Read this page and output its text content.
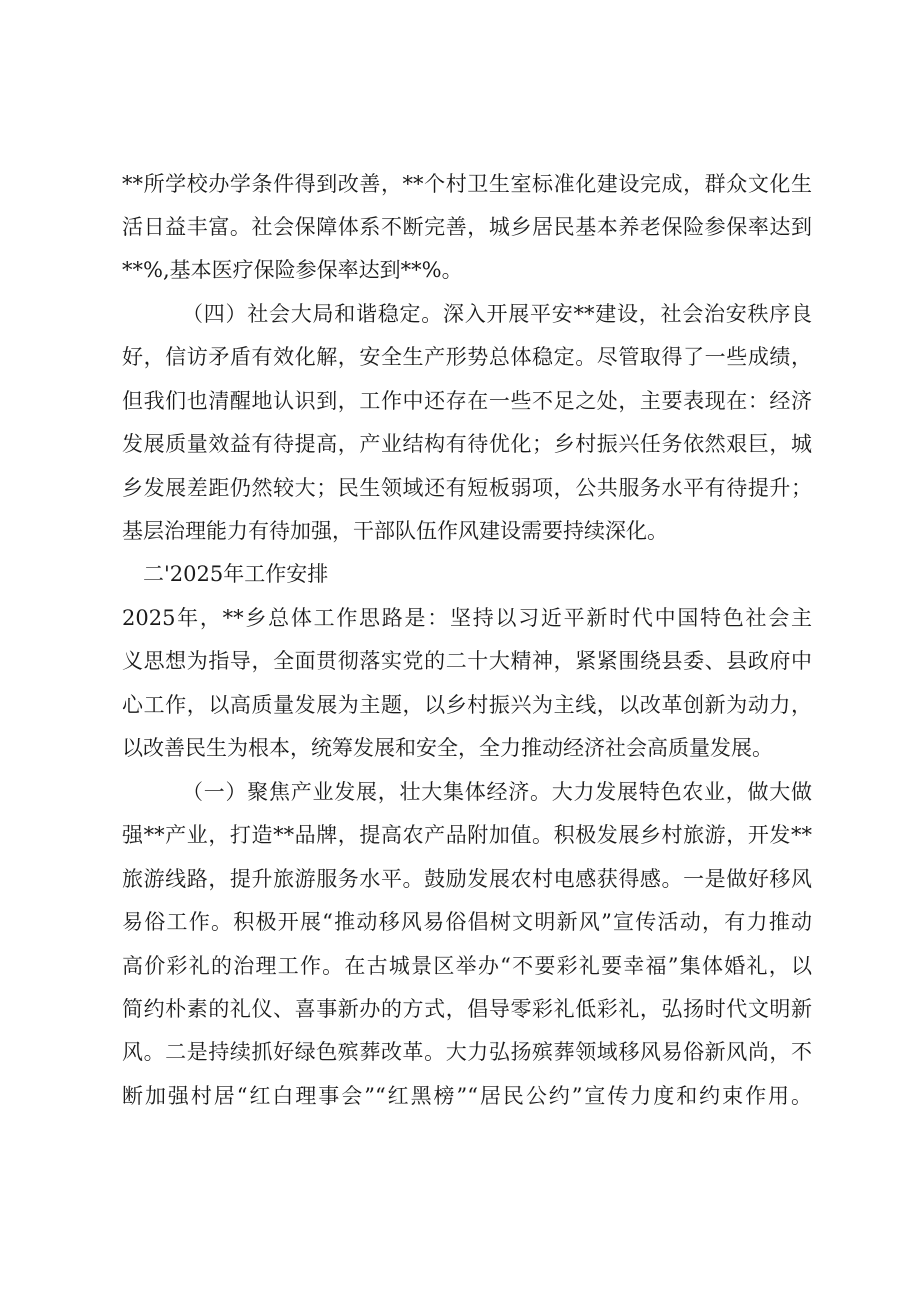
**所学校办学条件得到改善，**个村卫生室标准化建设完成，群众文化生
活日益丰富。社会保障体系不断完善，城乡居民基本养老保险参保率达到
**%,基本医疗保险参保率达到**%。
（四）社会大局和谐稳定。深入开展平安**建设，社会治安秩序良
好，信访矛盾有效化解，安全生产形势总体稳定。尽管取得了一些成绩，
但我们也清醒地认识到，工作中还存在一些不足之处，主要表现在：经济
发展质量效益有待提高，产业结构有待优化；乡村振兴任务依然艰巨，城
乡发展差距仍然较大；民生领域还有短板弱项，公共服务水平有待提升；
基层治理能力有待加强，干部队伍作风建设需要持续深化。
二'2025年工作安排
2025年，**乡总体工作思路是：坚持以习近平新时代中国特色社会主
义思想为指导，全面贯彻落实党的二十大精神，紧紧围绕县委、县政府中
心工作，以高质量发展为主题，以乡村振兴为主线，以改革创新为动力，
以改善民生为根本，统筹发展和安全，全力推动经济社会高质量发展。
（一）聚焦产业发展，壮大集体经济。大力发展特色农业，做大做
强**产业，打造**品牌，提高农产品附加值。积极发展乡村旅游，开发**
旅游线路，提升旅游服务水平。鼓励发展农村电感获得感。一是做好移风
易俗工作。积极开展“推动移风易俗倡树文明新风”宣传活动，有力推动
高价彩礼的治理工作。在古城景区举办“不要彩礼要幸福”集体婚礼，以
简约朴素的礼仪、喜事新办的方式，倡导零彩礼低彩礼，弘扬时代文明新
风。二是持续抓好绿色殡葬改革。大力弘扬殡葬领域移风易俗新风尚，不
断加强村居“红白理事会”“红黑榜”“居民公约”宣传力度和约束作用。
